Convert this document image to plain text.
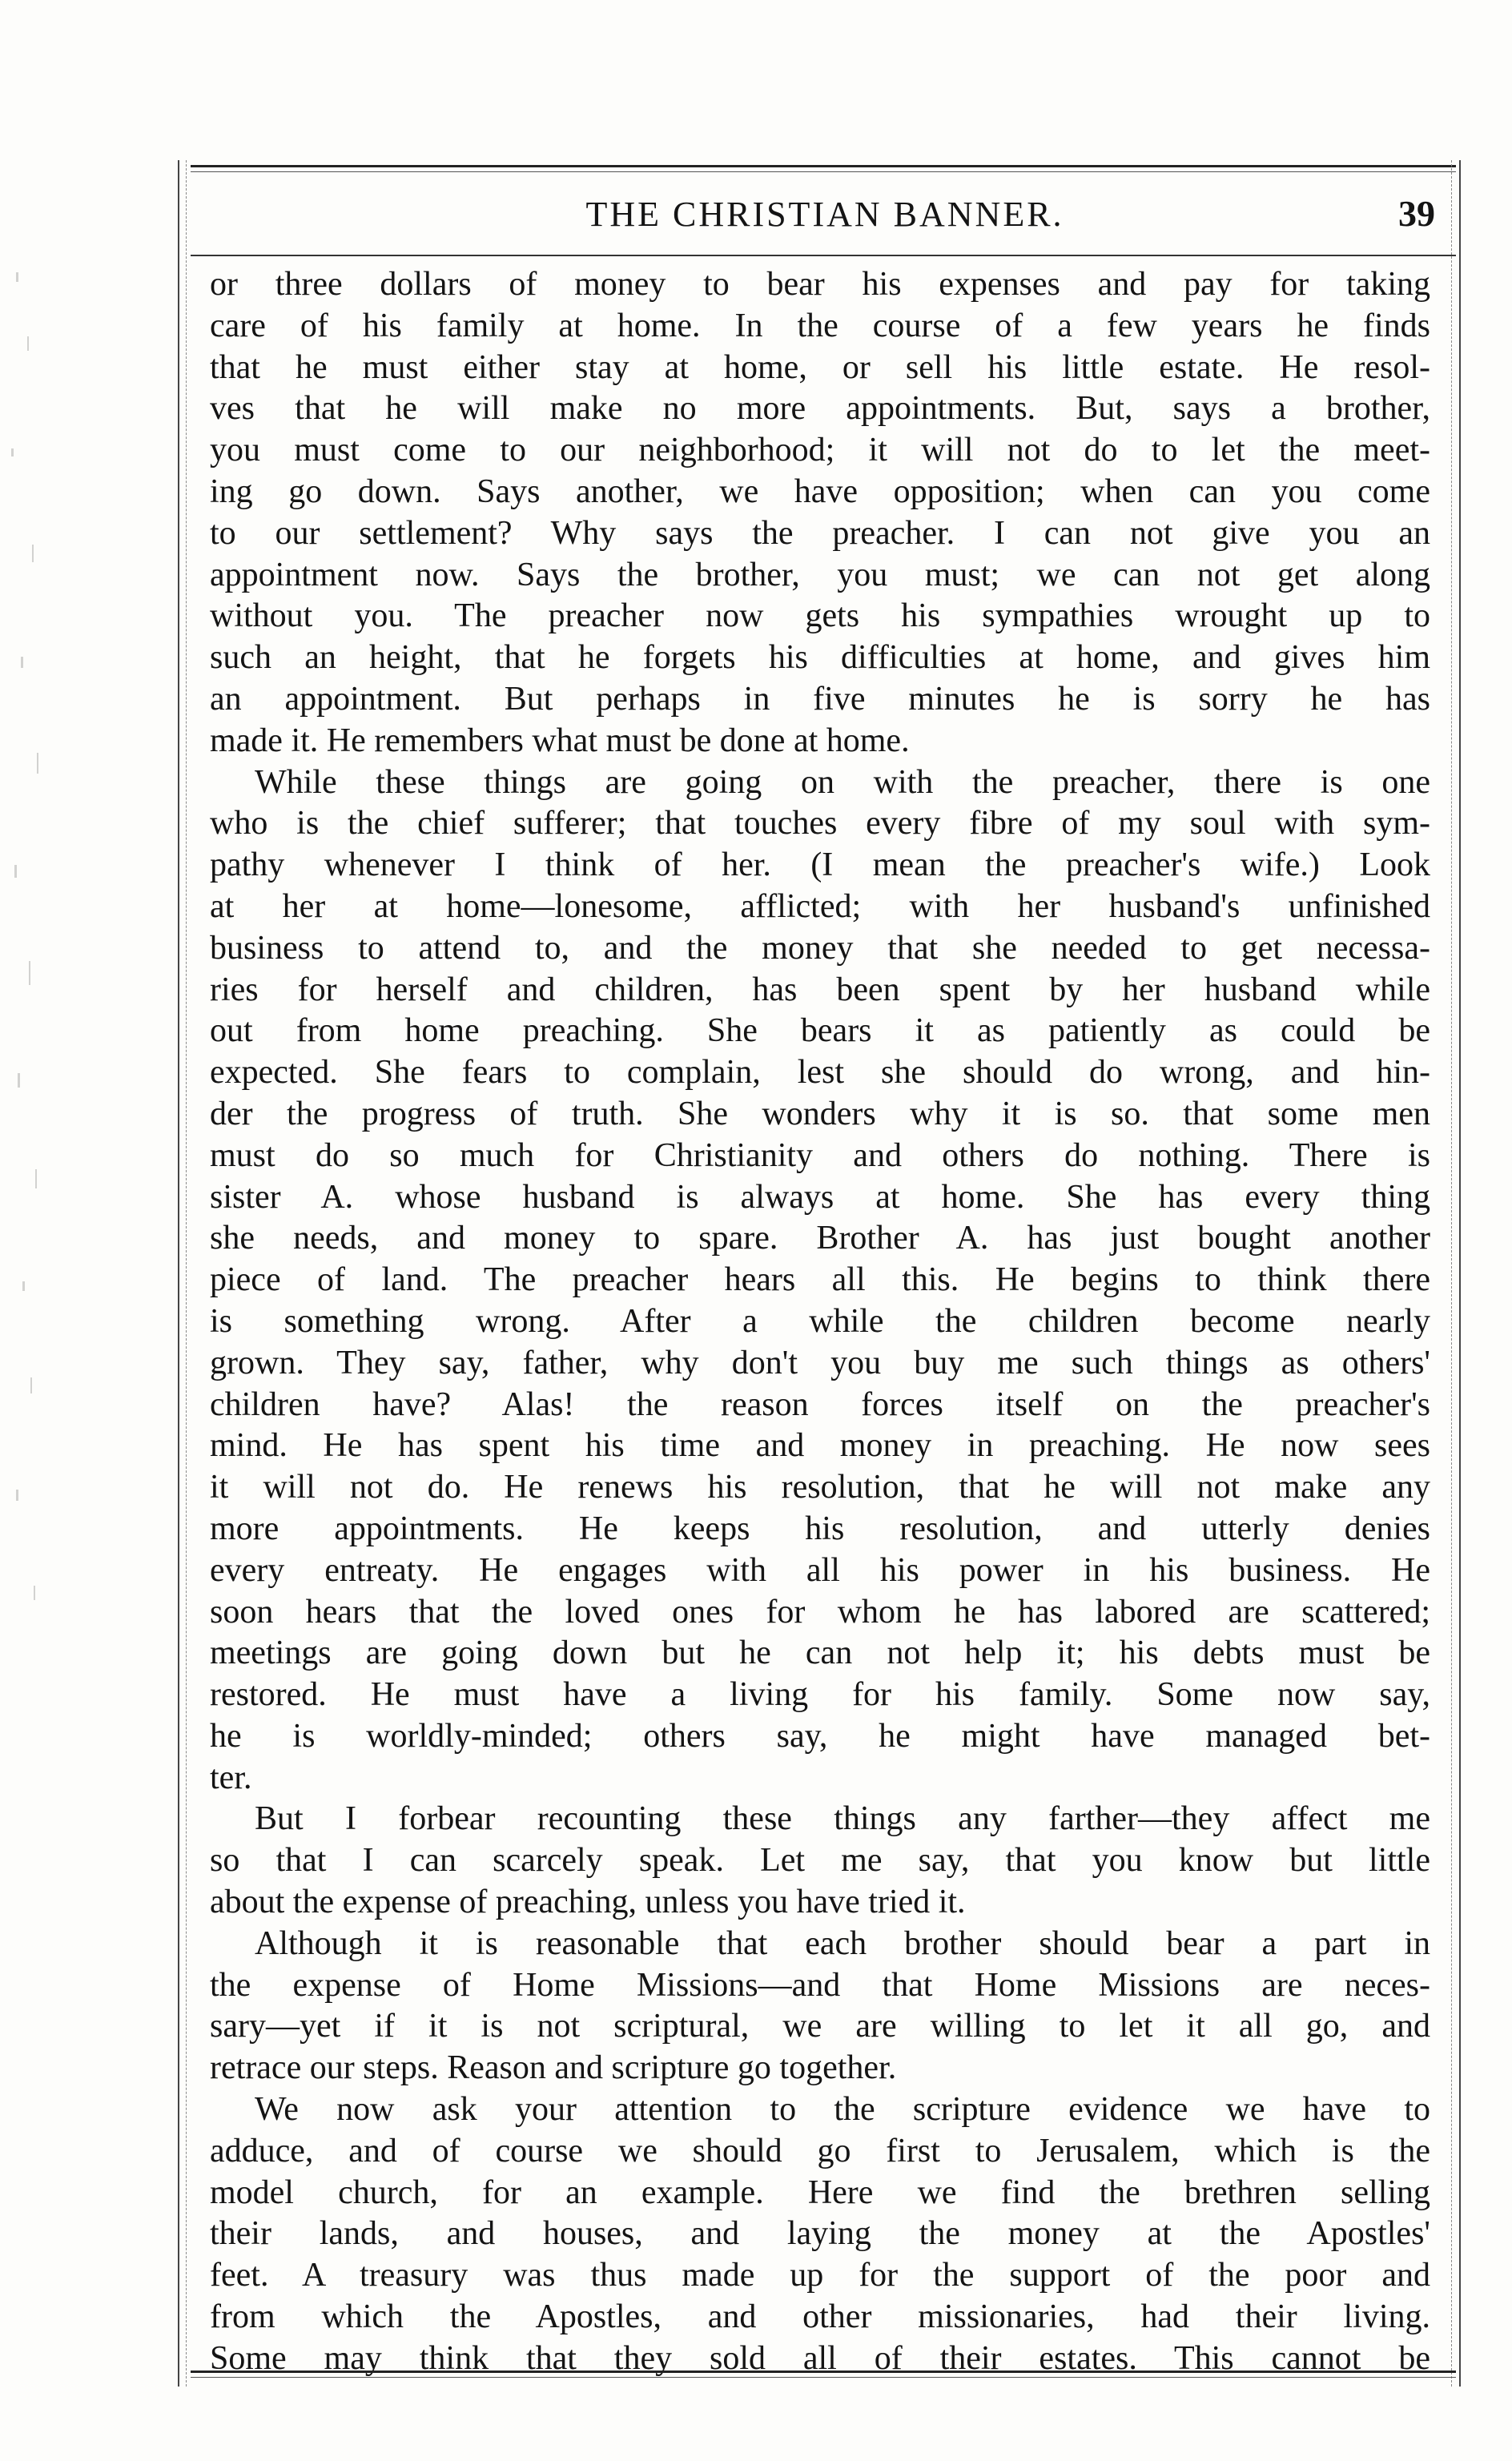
THE CHRISTIAN BANNER.	39
or three dollars of money to bear his expenses and pay for taking
care of his family at home. In the course of a few years he finds
that he must either stay at home, or sell his little estate. He resol-
ves that he will make no more appointments. But, says a brother,
you must come to our neighborhood; it will not do to let the meet-
ing go down. Says another, we have opposition; when can you come
to our settlement? Why says the preacher. I can not give you an
appointment now. Says the brother, you must; we can not get along
without you. The preacher now gets his sympathies wrought up to
such an height, that he forgets his difficulties at home, and gives him
an appointment. But perhaps in five minutes he is sorry he has
made it. He remembers what must be done at home.
While these things are going on with the preacher, there is one
who is the chief sufferer; that touches every fibre of my soul with sym-
pathy whenever I think of her. (I mean the preacher's wife.) Look
at her at home—lonesome, afflicted; with her husband's unfinished
business to attend to, and the money that she needed to get necessa-
ries for herself and children, has been spent by her husband while
out from home preaching. She bears it as patiently as could be
expected. She fears to complain, lest she should do wrong, and hin-
der the progress of truth. She wonders why it is so. that some men
must do so much for Christianity and others do nothing. There is
sister A. whose husband is always at home. She has every thing
she needs, and money to spare. Brother A. has just bought another
piece of land. The preacher hears all this. He begins to think there
is something wrong. After a while the children become nearly
grown. They say, father, why don't you buy me such things as others'
children have? Alas! the reason forces itself on the preacher's
mind. He has spent his time and money in preaching. He now sees
it will not do. He renews his resolution, that he will not make any
more appointments. He keeps his resolution, and utterly denies
every entreaty. He engages with all his power in his business. He
soon hears that the loved ones for whom he has labored are scattered;
meetings are going down but he can not help it; his debts must be
restored. He must have a living for his family. Some now say,
he is worldly-minded; others say, he might have managed bet-
ter.
But I forbear recounting these things any farther—they affect me
so that I can scarcely speak. Let me say, that you know but little
about the expense of preaching, unless you have tried it.
Although it is reasonable that each brother should bear a part in
the expense of Home Missions—and that Home Missions are neces-
sary—yet if it is not scriptural, we are willing to let it all go, and
retrace our steps. Reason and scripture go together.
We now ask your attention to the scripture evidence we have to
adduce, and of course we should go first to Jerusalem, which is the
model church, for an example. Here we find the brethren selling
their lands, and houses, and laying the money at the Apostles'
feet. A treasury was thus made up for the support of the poor and
from which the Apostles, and other missionaries, had their living.
Some may think that they sold all of their estates. This cannot be
